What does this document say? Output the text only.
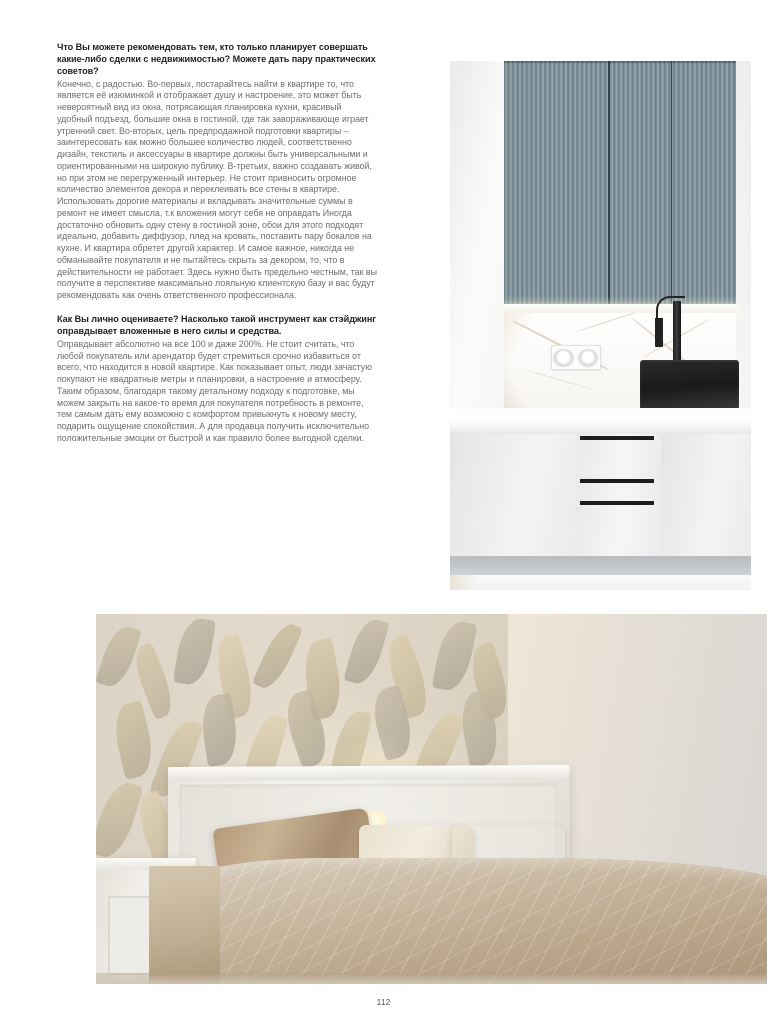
Что Вы можете рекомендовать тем, кто только планирует совершать какие-либо сделки с недвижимостью? Можете дать пару практических советов?

Конечно, с радостью. Во-первых, постарайтесь найти в квартире то, что является её изюминкой и отображает душу и настроение, это может быть невероятный вид из окна, потрясающая планировка кухни, красивый удобный подъезд, большие окна в гостиной, где так завораживающе играет утренний свет. Во-вторых, цель предпродажной подготовки квартиры – заинтересовать как можно большее количество людей, соответственно дизайн, текстиль и аксессуары в квартире должны быть универсальными и ориентированными на широкую публику. В-третьих, важно создавать живой, но при этом не перегруженный интерьер. Не стоит привносить огромное количество элементов декора и переклеивать все стены в квартире. Использовать дорогие материалы и вкладывать значительные суммы в ремонт не имеет смысла, т.к вложения могут себя не оправдать Иногда достаточно обновить одну стену в гостиной зоне, обои для этого подходят идеально, добавить диффузор, плед на кровать, поставить пару бокалов на кухне. И квартира обретет другой характер. И самое важное, никогда не обманывайте покупателя и не пытайтесь скрыть за декором, то, что в действительности не работает. Здесь нужно быть предельно честным, так вы получите в перспективе максимально лояльную клиентскую базу и вас будут рекомендовать как очень ответственного профессионала.

Как Вы лично оцениваете? Насколько такой инструмент как стэйджинг оправдывает вложенные в него силы и средства.

Оправдывает абсолютно на все 100 и даже 200%. Не стоит считать, что любой покупатель или арендатор будет стремиться срочно избавиться от всего, что находится в новой квартире. Как показывает опыт, люди зачастую покупают не квадратные метры и планировки, а настроение и атмосферу. Таким образом, благодаря такому детальному подходу к подготовке, мы можем закрыть на какое-то время для покупателя потребность в ремонте, тем самым дать ему возможно с комфортом привыкнуть к новому месту, подарить ощущение спокойствия. А для продавца получить исключительно положительные эмоции от быстрой и как правило более выгодной сделки.

112
